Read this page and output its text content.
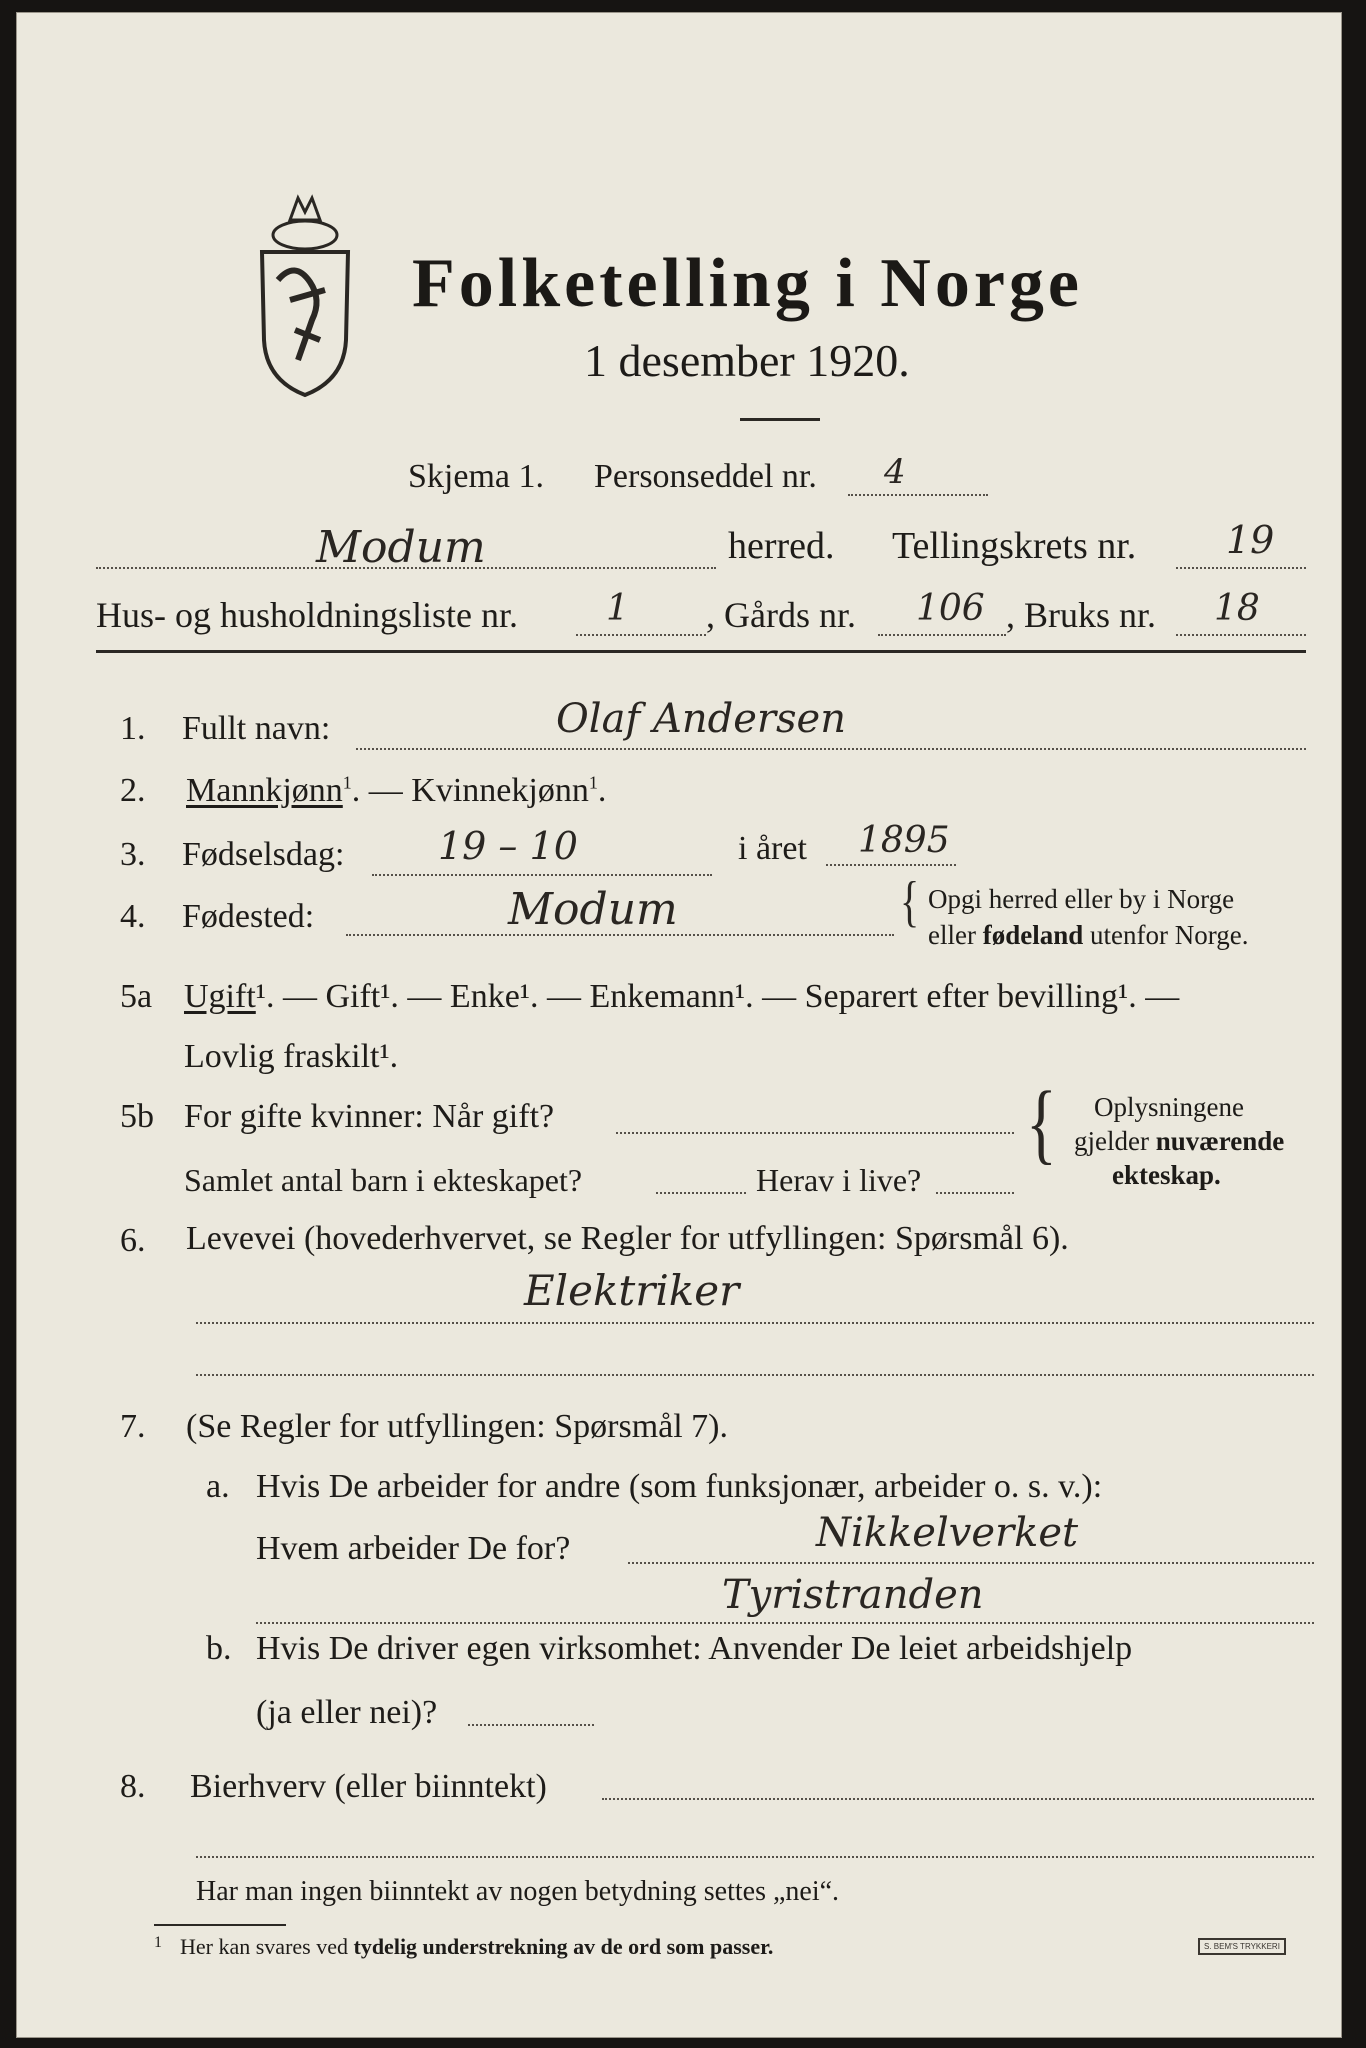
Folketelling i Norge
1 desember 1920.
Skjema 1. Personseddel nr. 4
Modum	herred. Tellingskrets nr. 19
Hus- og husholdningsliste nr. 1 , Gårds nr. 106 , Bruks nr. 18
1. Fullt navn:	Olaf Andersen
2. Mannkjønn$^1$. — Kvinnekjønn$^1$.
3. Fødselsdag: 19 – 10	i året 1895
4. Fødested:	Modum	{ Opgi herred eller by i Norge
eller fødeland utenfor Norge.
5a Ugift¹. — Gift¹. — Enke¹. — Enkemann¹. — Separert efter bevilling¹. —
Lovlig fraskilt¹.
5b For gifte kvinner: Når gift?
Samlet antal barn i ekteskapet?	Herav i live?
{ Oplysningene
gjelder nuværende
ekteskap.
6. Levevei (hovederhvervet, se Regler for utfyllingen: Spørsmål 6).
Elektriker
7. (Se Regler for utfyllingen: Spørsmål 7).
a. Hvis De arbeider for andre (som funksjonær, arbeider o. s. v.):
Hvem arbeider De for?	Nikkelverket
Tyristranden
b. Hvis De driver egen virksomhet: Anvender De leiet arbeidshjelp
(ja eller nei)?
8. Bierhverv (eller biinntekt)
Har man ingen biinntekt av nogen betydning settes „nei“.
$^1$ Her kan svares ved tydelig understrekning av de ord som passer.	S. BEM'S TRYKKERI
